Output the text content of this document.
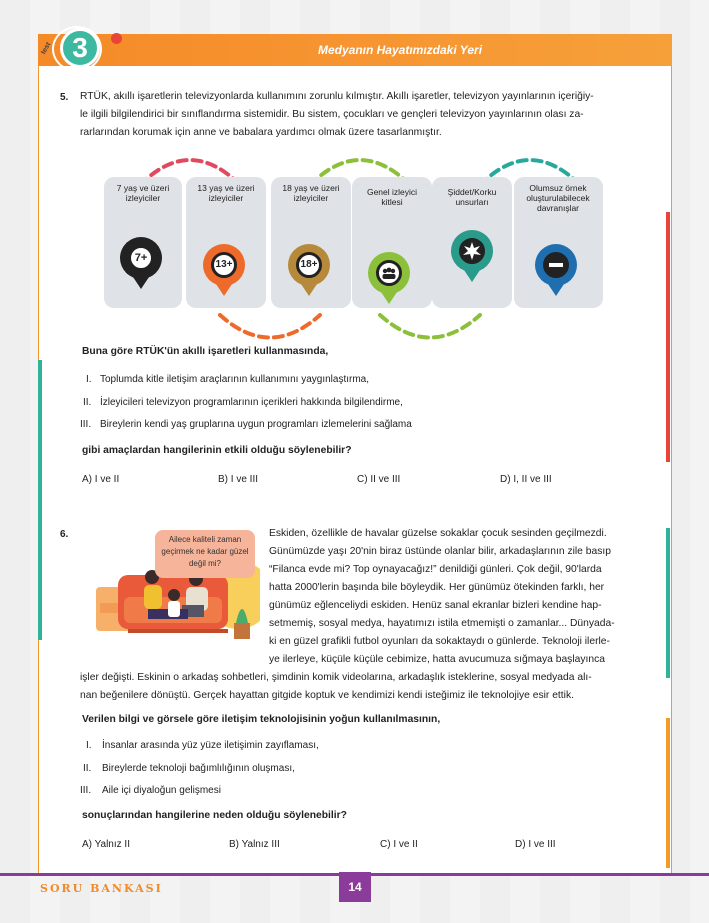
Medyanın Hayatımızdaki Yeri
3
test
5. RTÜK, akıllı işaretlerin televizyonlarda kullanımını zorunlu kılmıştır. Akıllı işaretler, televizyon yayınlarının içeriğiy-
le ilgili bilgilendirici bir sınıflandırma sistemidir. Bu sistem, çocukları ve gençleri televizyon yayınlarının olası za-
rarlarından korumak için anne ve babalara yardımcı olmak üzere tasarlanmıştır.
7 yaş ve üzeri izleyiciler
13 yaş ve üzeri izleyiciler
18 yaş ve üzeri izleyiciler
Genel izleyici kitlesi
Şiddet/Korku unsurları
Olumsuz örnek oluşturulabilecek davranışlar
7+
13+	18+
Buna göre RTÜK'ün akıllı işaretleri kullanmasında,
I. Toplumda kitle iletişim araçlarının kullanımını yaygınlaştırma,
II. İzleyicileri televizyon programlarının içerikleri hakkında bilgilendirme,
III. Bireylerin kendi yaş gruplarına uygun programları izlemelerini sağlama
gibi amaçlardan hangilerinin etkili olduğu söylenebilir?
A) I ve II	B) I ve III	C) II ve III	D) I, II ve III
6.	Ailece kaliteli zaman geçirmek ne kadar güzel değil mi?
Eskiden, özellikle de havalar güzelse sokaklar çocuk sesinden geçilmezdi.
Günümüzde yaşı 20'nin biraz üstünde olanlar bilir, arkadaşlarının zile basıp
“Filanca evde mi? Top oynayacağız!” denildiği günleri. Çok değil, 90'larda
hatta 2000'lerin başında bile böyleydik. Her günümüz ötekinden farklı, her
günümüz eğlenceliydi eskiden. Henüz sanal ekranlar bizleri kendine hap-
setmemiş, sosyal medya, hayatımızı istila etmemişti o zamanlar... Dünyada-
ki en güzel grafikli futbol oyunları da sokaktaydı o günlerde. Teknoloji ilerle-
ye ilerleye, küçüle küçüle cebimize, hatta avucumuza sığmaya başlayınca
işler değişti. Eskinin o arkadaş sohbetleri, şimdinin komik videolarına, arkadaşlık isteklerine, sosyal medyada alı-
nan beğenilere dönüştü. Gerçek hayattan gitgide koptuk ve kendimizi kendi isteğimiz ile teknolojiye esir ettik.
Verilen bilgi ve görsele göre iletişim teknolojisinin yoğun kullanılmasının,
I. İnsanlar arasında yüz yüze iletişimin zayıflaması,
II. Bireylerde teknoloji bağımlılığının oluşması,
III. Aile içi diyaloğun gelişmesi
sonuçlarından hangilerine neden olduğu söylenebilir?
A) Yalnız II	B) Yalnız III	C) I ve II	D) I ve III
SORU BANKASI	14
